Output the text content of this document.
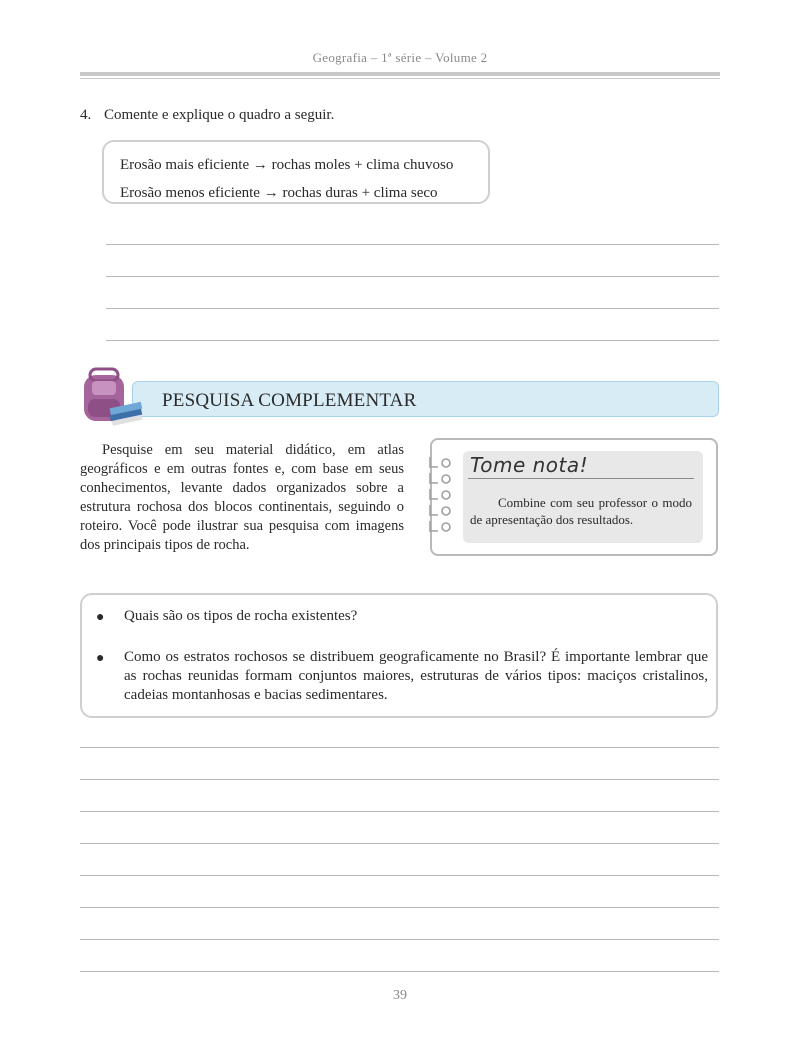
Geografia – 1ª série – Volume 2
4. Comente e explique o quadro a seguir.
Erosão mais eficiente → rochas moles + clima chuvoso
Erosão menos eficiente → rochas duras + clima seco
PESQUISA COMPLEMENTAR
Pesquise em seu material didático, em atlas geográficos e em outras fontes e, com base em seus conhecimentos, levante dados organizados sobre a estrutura rochosa dos blocos continentais, seguindo o roteiro. Você pode ilustrar sua pesquisa com imagens dos principais tipos de rocha.
Tome nota!
Combine com seu professor o modo de apresentação dos resultados.
● Quais são os tipos de rocha existentes?
● Como os estratos rochosos se distribuem geograficamente no Brasil? É importante lembrar que as rochas reunidas formam conjuntos maiores, estruturas de vários tipos: maciços cristalinos, cadeias montanhosas e bacias sedimentares.
39
